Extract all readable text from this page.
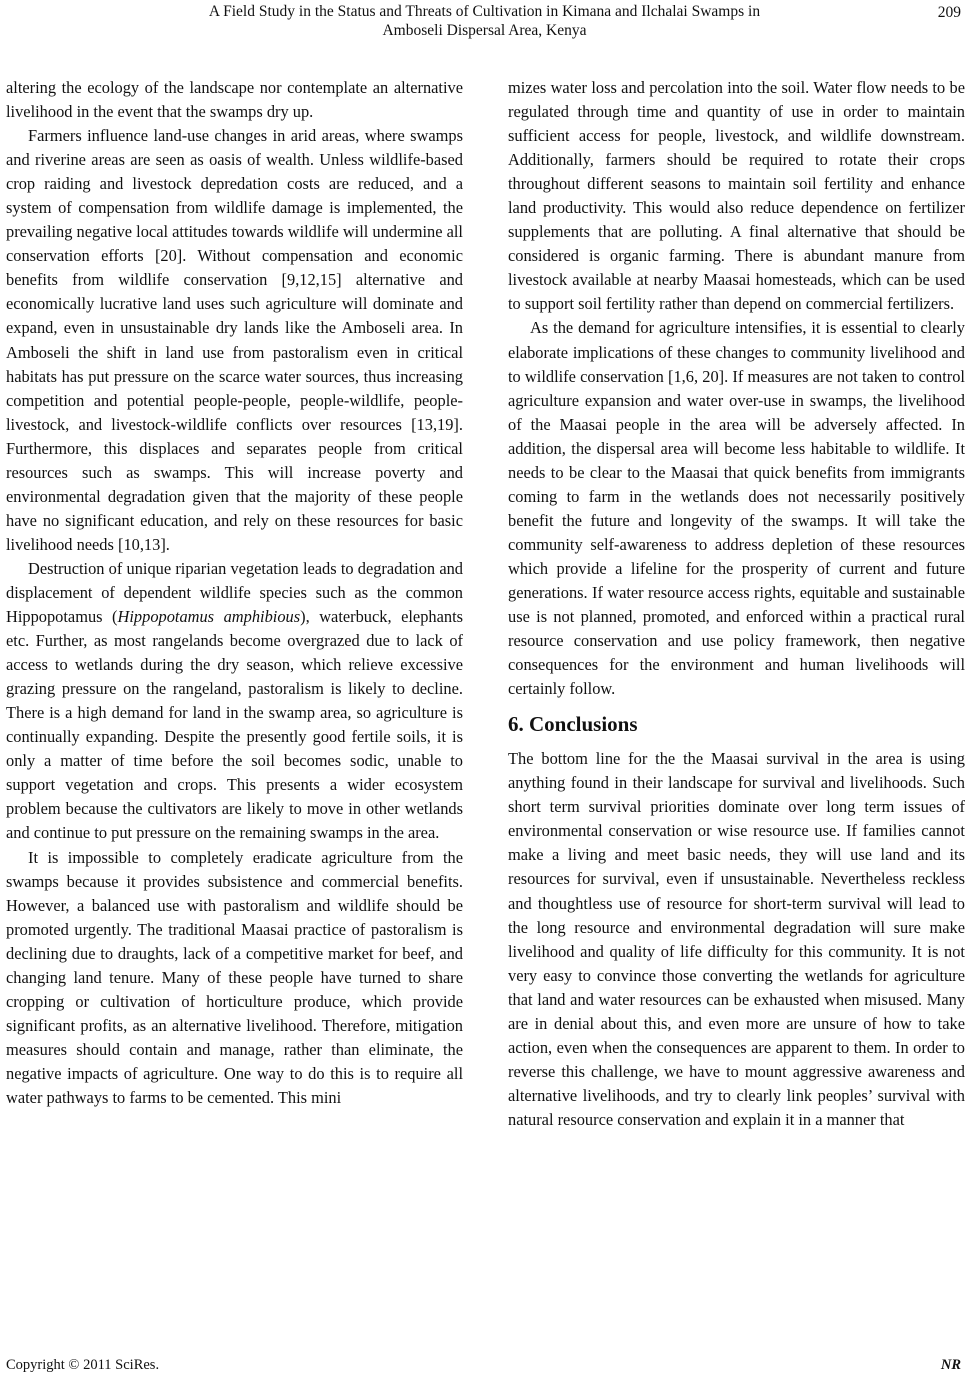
A Field Study in the Status and Threats of Cultivation in Kimana and Ilchalai Swamps in
Amboseli Dispersal Area, Kenya
209

altering the ecology of the landscape nor contemplate an alternative livelihood in the event that the swamps dry up.

Farmers influence land-use changes in arid areas, where swamps and riverine areas are seen as oasis of wealth. Unless wildlife-based crop raiding and livestock depredation costs are reduced, and a system of compensation from wildlife damage is implemented, the prevailing negative local attitudes towards wildlife will undermine all conservation efforts [20]. Without compensation and economic benefits from wildlife conservation [9,12,15] alternative and economically lucrative land uses such agriculture will dominate and expand, even in unsustainable dry lands like the Amboseli area. In Amboseli the shift in land use from pastoralism even in critical habitats has put pressure on the scarce water sources, thus increasing competition and potential people-people, people-wildlife, people-livestock, and livestock-wildlife conflicts over resources [13,19]. Furthermore, this displaces and separates people from critical resources such as swamps. This will increase poverty and environmental degradation given that the majority of these people have no significant education, and rely on these resources for basic livelihood needs [10,13].

Destruction of unique riparian vegetation leads to degradation and displacement of dependent wildlife species such as the common Hippopotamus (Hippopotamus amphibious), waterbuck, elephants etc. Further, as most rangelands become overgrazed due to lack of access to wetlands during the dry season, which relieve excessive grazing pressure on the rangeland, pastoralism is likely to decline. There is a high demand for land in the swamp area, so agriculture is continually expanding. Despite the presently good fertile soils, it is only a matter of time before the soil becomes sodic, unable to support vegetation and crops. This presents a wider ecosystem problem because the cultivators are likely to move in other wetlands and continue to put pressure on the remaining swamps in the area.

It is impossible to completely eradicate agriculture from the swamps because it provides subsistence and commercial benefits. However, a balanced use with pastoralism and wildlife should be promoted urgently. The traditional Maasai practice of pastoralism is declining due to draughts, lack of a competitive market for beef, and changing land tenure. Many of these people have turned to share cropping or cultivation of horticulture produce, which provide significant profits, as an alternative livelihood. Therefore, mitigation measures should contain and manage, rather than eliminate, the negative impacts of agriculture. One way to do this is to require all water pathways to farms to be cemented. This mini

mizes water loss and percolation into the soil. Water flow needs to be regulated through time and quantity of use in order to maintain sufficient access for people, livestock, and wildlife downstream. Additionally, farmers should be required to rotate their crops throughout different seasons to maintain soil fertility and enhance land productivity. This would also reduce dependence on fertilizer supplements that are polluting. A final alternative that should be considered is organic farming. There is abundant manure from livestock available at nearby Maasai homesteads, which can be used to support soil fertility rather than depend on commercial fertilizers.

As the demand for agriculture intensifies, it is essential to clearly elaborate implications of these changes to community livelihood and to wildlife conservation [1,6, 20]. If measures are not taken to control agriculture expansion and water over-use in swamps, the livelihood of the Maasai people in the area will be adversely affected. In addition, the dispersal area will become less habitable to wildlife. It needs to be clear to the Maasai that quick benefits from immigrants coming to farm in the wetlands does not necessarily positively benefit the future and longevity of the swamps. It will take the community self-awareness to address depletion of these resources which provide a lifeline for the prosperity of current and future generations. If water resource access rights, equitable and sustainable use is not planned, promoted, and enforced within a practical rural resource conservation and use policy framework, then negative consequences for the environment and human livelihoods will certainly follow.

6. Conclusions

The bottom line for the the Maasai survival in the area is using anything found in their landscape for survival and livelihoods. Such short term survival priorities dominate over long term issues of environmental conservation or wise resource use. If families cannot make a living and meet basic needs, they will use land and its resources for survival, even if unsustainable. Nevertheless reckless and thoughtless use of resource for short-term survival will lead to the long resource and environmental degradation will sure make livelihood and quality of life difficulty for this community. It is not very easy to convince those converting the wetlands for agriculture that land and water resources can be exhausted when misused. Many are in denial about this, and even more are unsure of how to take action, even when the consequences are apparent to them. In order to reverse this challenge, we have to mount aggressive awareness and alternative livelihoods, and try to clearly link peoples’ survival with natural resource conservation and explain it in a manner that

Copyright © 2011 SciRes.	NR
